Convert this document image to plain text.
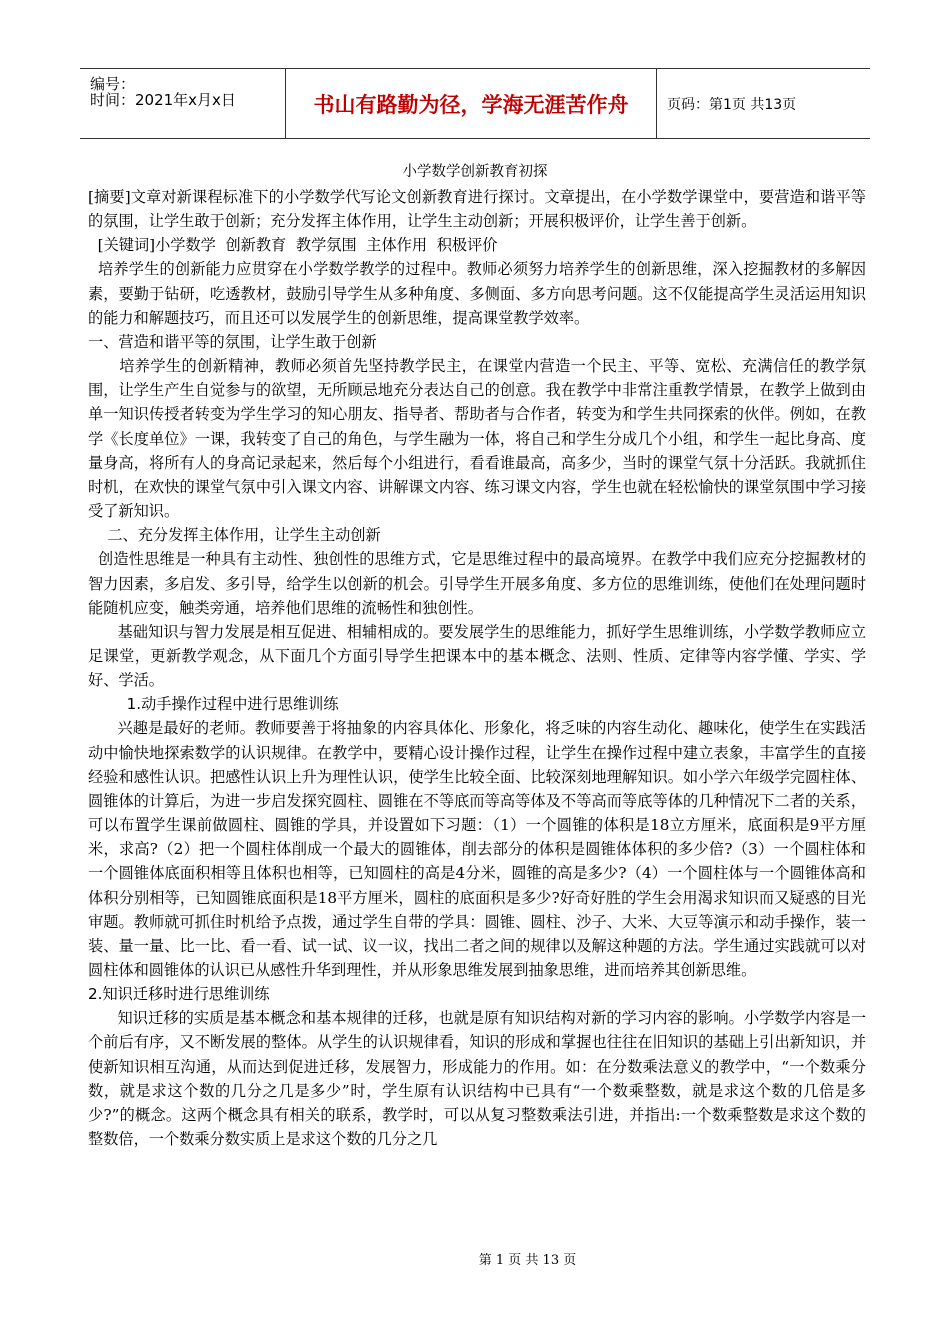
编号：
时间：2021年x月x日	书山有路勤为径，学海无涯苦作舟	页码：第1页 共13页
小学数学创新教育初探

[摘要]文章对新课程标准下的小学数学代写论文创新教育进行探讨。文章提出，在小学数学课堂中，要营造和谐平等的氛围，让学生敢于创新；充分发挥主体作用，让学生主动创新；开展积极评价，让学生善于创新。

[关键词]小学数学  创新教育  教学氛围  主体作用  积极评价

培养学生的创新能力应贯穿在小学数学教学的过程中。教师必须努力培养学生的创新思维，深入挖掘教材的多解因素，要勤于钻研，吃透教材，鼓励引导学生从多种角度、多侧面、多方向思考问题。这不仅能提高学生灵活运用知识的能力和解题技巧，而且还可以发展学生的创新思维，提高课堂教学效率。

一、营造和谐平等的氛围，让学生敢于创新

培养学生的创新精神，教师必须首先坚持教学民主，在课堂内营造一个民主、平等、宽松、充满信任的教学氛围，让学生产生自觉参与的欲望，无所顾忌地充分表达自己的创意。我在教学中非常注重教学情景，在教学上做到由单一知识传授者转变为学生学习的知心朋友、指导者、帮助者与合作者，转变为和学生共同探索的伙伴。例如，在教学《长度单位》一课，我转变了自己的角色，与学生融为一体，将自己和学生分成几个小组，和学生一起比身高、度量身高，将所有人的身高记录起来，然后每个小组进行，看看谁最高，高多少，当时的课堂气氛十分活跃。我就抓住时机，在欢快的课堂气氛中引入课文内容、讲解课文内容、练习课文内容，学生也就在轻松愉快的课堂氛围中学习接受了新知识。

二、充分发挥主体作用，让学生主动创新

创造性思维是一种具有主动性、独创性的思维方式，它是思维过程中的最高境界。在教学中我们应充分挖掘教材的智力因素，多启发、多引导，给学生以创新的机会。引导学生开展多角度、多方位的思维训练，使他们在处理问题时能随机应变，触类旁通，培养他们思维的流畅性和独创性。

基础知识与智力发展是相互促进、相辅相成的。要发展学生的思维能力，抓好学生思维训练，小学数学教师应立足课堂，更新教学观念，从下面几个方面引导学生把课本中的基本概念、法则、性质、定律等内容学懂、学实、学好、学活。

1.动手操作过程中进行思维训练

兴趣是最好的老师。教师要善于将抽象的内容具体化、形象化，将乏味的内容生动化、趣味化，使学生在实践活动中愉快地探索数学的认识规律。在教学中，要精心设计操作过程，让学生在操作过程中建立表象，丰富学生的直接经验和感性认识。把感性认识上升为理性认识，使学生比较全面、比较深刻地理解知识。如小学六年级学完圆柱体、圆锥体的计算后，为进一步启发探究圆柱、圆锥在不等底而等高等体及不等高而等底等体的几种情况下二者的关系，可以布置学生课前做圆柱、圆锥的学具，并设置如下习题：（1）一个圆锥的体积是18立方厘米，底面积是9平方厘米，求高?（2）把一个圆柱体削成一个最大的圆锥体，削去部分的体积是圆锥体体积的多少倍?（3）一个圆柱体和一个圆锥体底面积相等且体积也相等，已知圆柱的高是4分米，圆锥的高是多少?（4）一个圆柱体与一个圆锥体高和体积分别相等，已知圆锥底面积是18平方厘米，圆柱的底面积是多少?好奇好胜的学生会用渴求知识而又疑惑的目光审题。教师就可抓住时机给予点拨，通过学生自带的学具：圆锥、圆柱、沙子、大米、大豆等演示和动手操作，装一装、量一量、比一比、看一看、试一试、议一议，找出二者之间的规律以及解这种题的方法。学生通过实践就可以对圆柱体和圆锥体的认识已从感性升华到理性，并从形象思维发展到抽象思维，进而培养其创新思维。

2.知识迁移时进行思维训练

知识迁移的实质是基本概念和基本规律的迁移，也就是原有知识结构对新的学习内容的影响。小学数学内容是一个前后有序，又不断发展的整体。从学生的认识规律看，知识的形成和掌握也往往在旧知识的基础上引出新知识，并使新知识相互沟通，从而达到促进迁移，发展智力，形成能力的作用。如：在分数乘法意义的教学中，“一个数乘分数，就是求这个数的几分之几是多少”时，学生原有认识结构中已具有“一个数乘整数，就是求这个数的几倍是多少?”的概念。这两个概念具有相关的联系，教学时，可以从复习整数乘法引进，并指出:一个数乘整数是求这个数的整数倍，一个数乘分数实质上是求这个数的几分之几

第 1 页 共 13 页
